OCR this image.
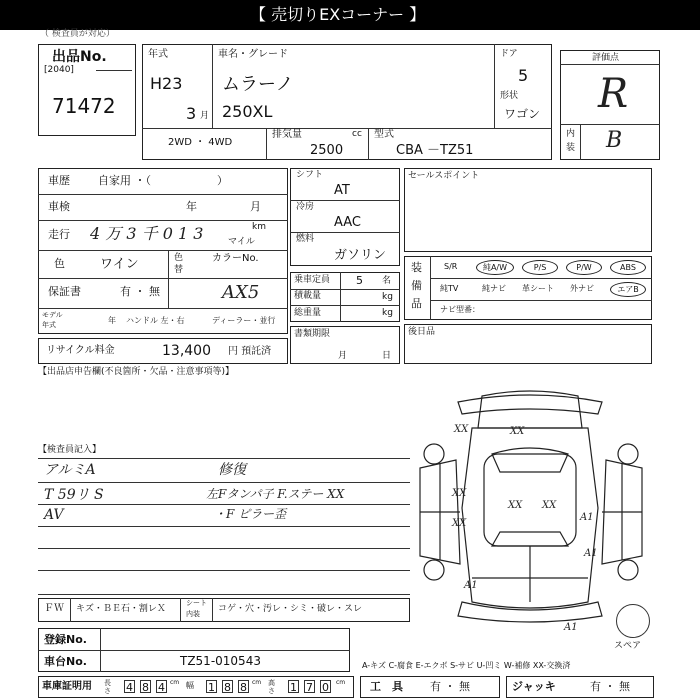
【 売切りEXコーナー 】
（ 検査員が対応）
出品No.
[2040]
71472
年式
H23
3 月
車名・グレード
ムラーノ
250XL
ドア
5
形状
ワゴン
2WD ・ 4WD
排気量	cc
2500
型式
CBA －TZ51
評価点
R
内
装 B
車歴	自家用 ・（　　　　　　）
車検	年	月
走行 4 万 3 千 0 1 3	km
マイル
色	ワイン	色
替
カラーNo.
AX5
保証書	有 ・ 無
モデル
年式	年 ハンドル 左・右	ディーラー・並行
リサイクル料金	13,400 円 預託済
シフト
AT
冷房
AAC
燃料
ガソリン
乗車定員 5 名
積載量	kg
総重量	kg
書類期限
月	日
セールスポイント
装
備
品
S/R	純A/W	P/S	P/W	ABS
純TV	純ナビ 革シート 外ナビ	エアB
ナビ型番：
後日品
【出品店申告欄(不良箇所・欠品・注意事項等)】
【検査員記入】
アルミA
T 59リ S
AV
修復
左Fタンパ子 F.ステー XX
・F ピラー歪
XX	XX
XX
XX
XX XX
A1
A1
A1
A1
スペア
ＦＷ キズ・ＢＥ石・割レＸ
シート
内装 コゲ・穴・汚レ・シミ・破レ・スレ
登録No.
車台No.	TZ51-010543	A-キズ C-腐食 E-エクボ S-サビ U-凹ミ W-補修 XX-交換済
車庫証明用 長さ 4 8 4 cm 幅 1 8 8 cm 高さ 1 7 0	cm 工　具 有 ・ 無	ジャッキ	有 ・ 無
